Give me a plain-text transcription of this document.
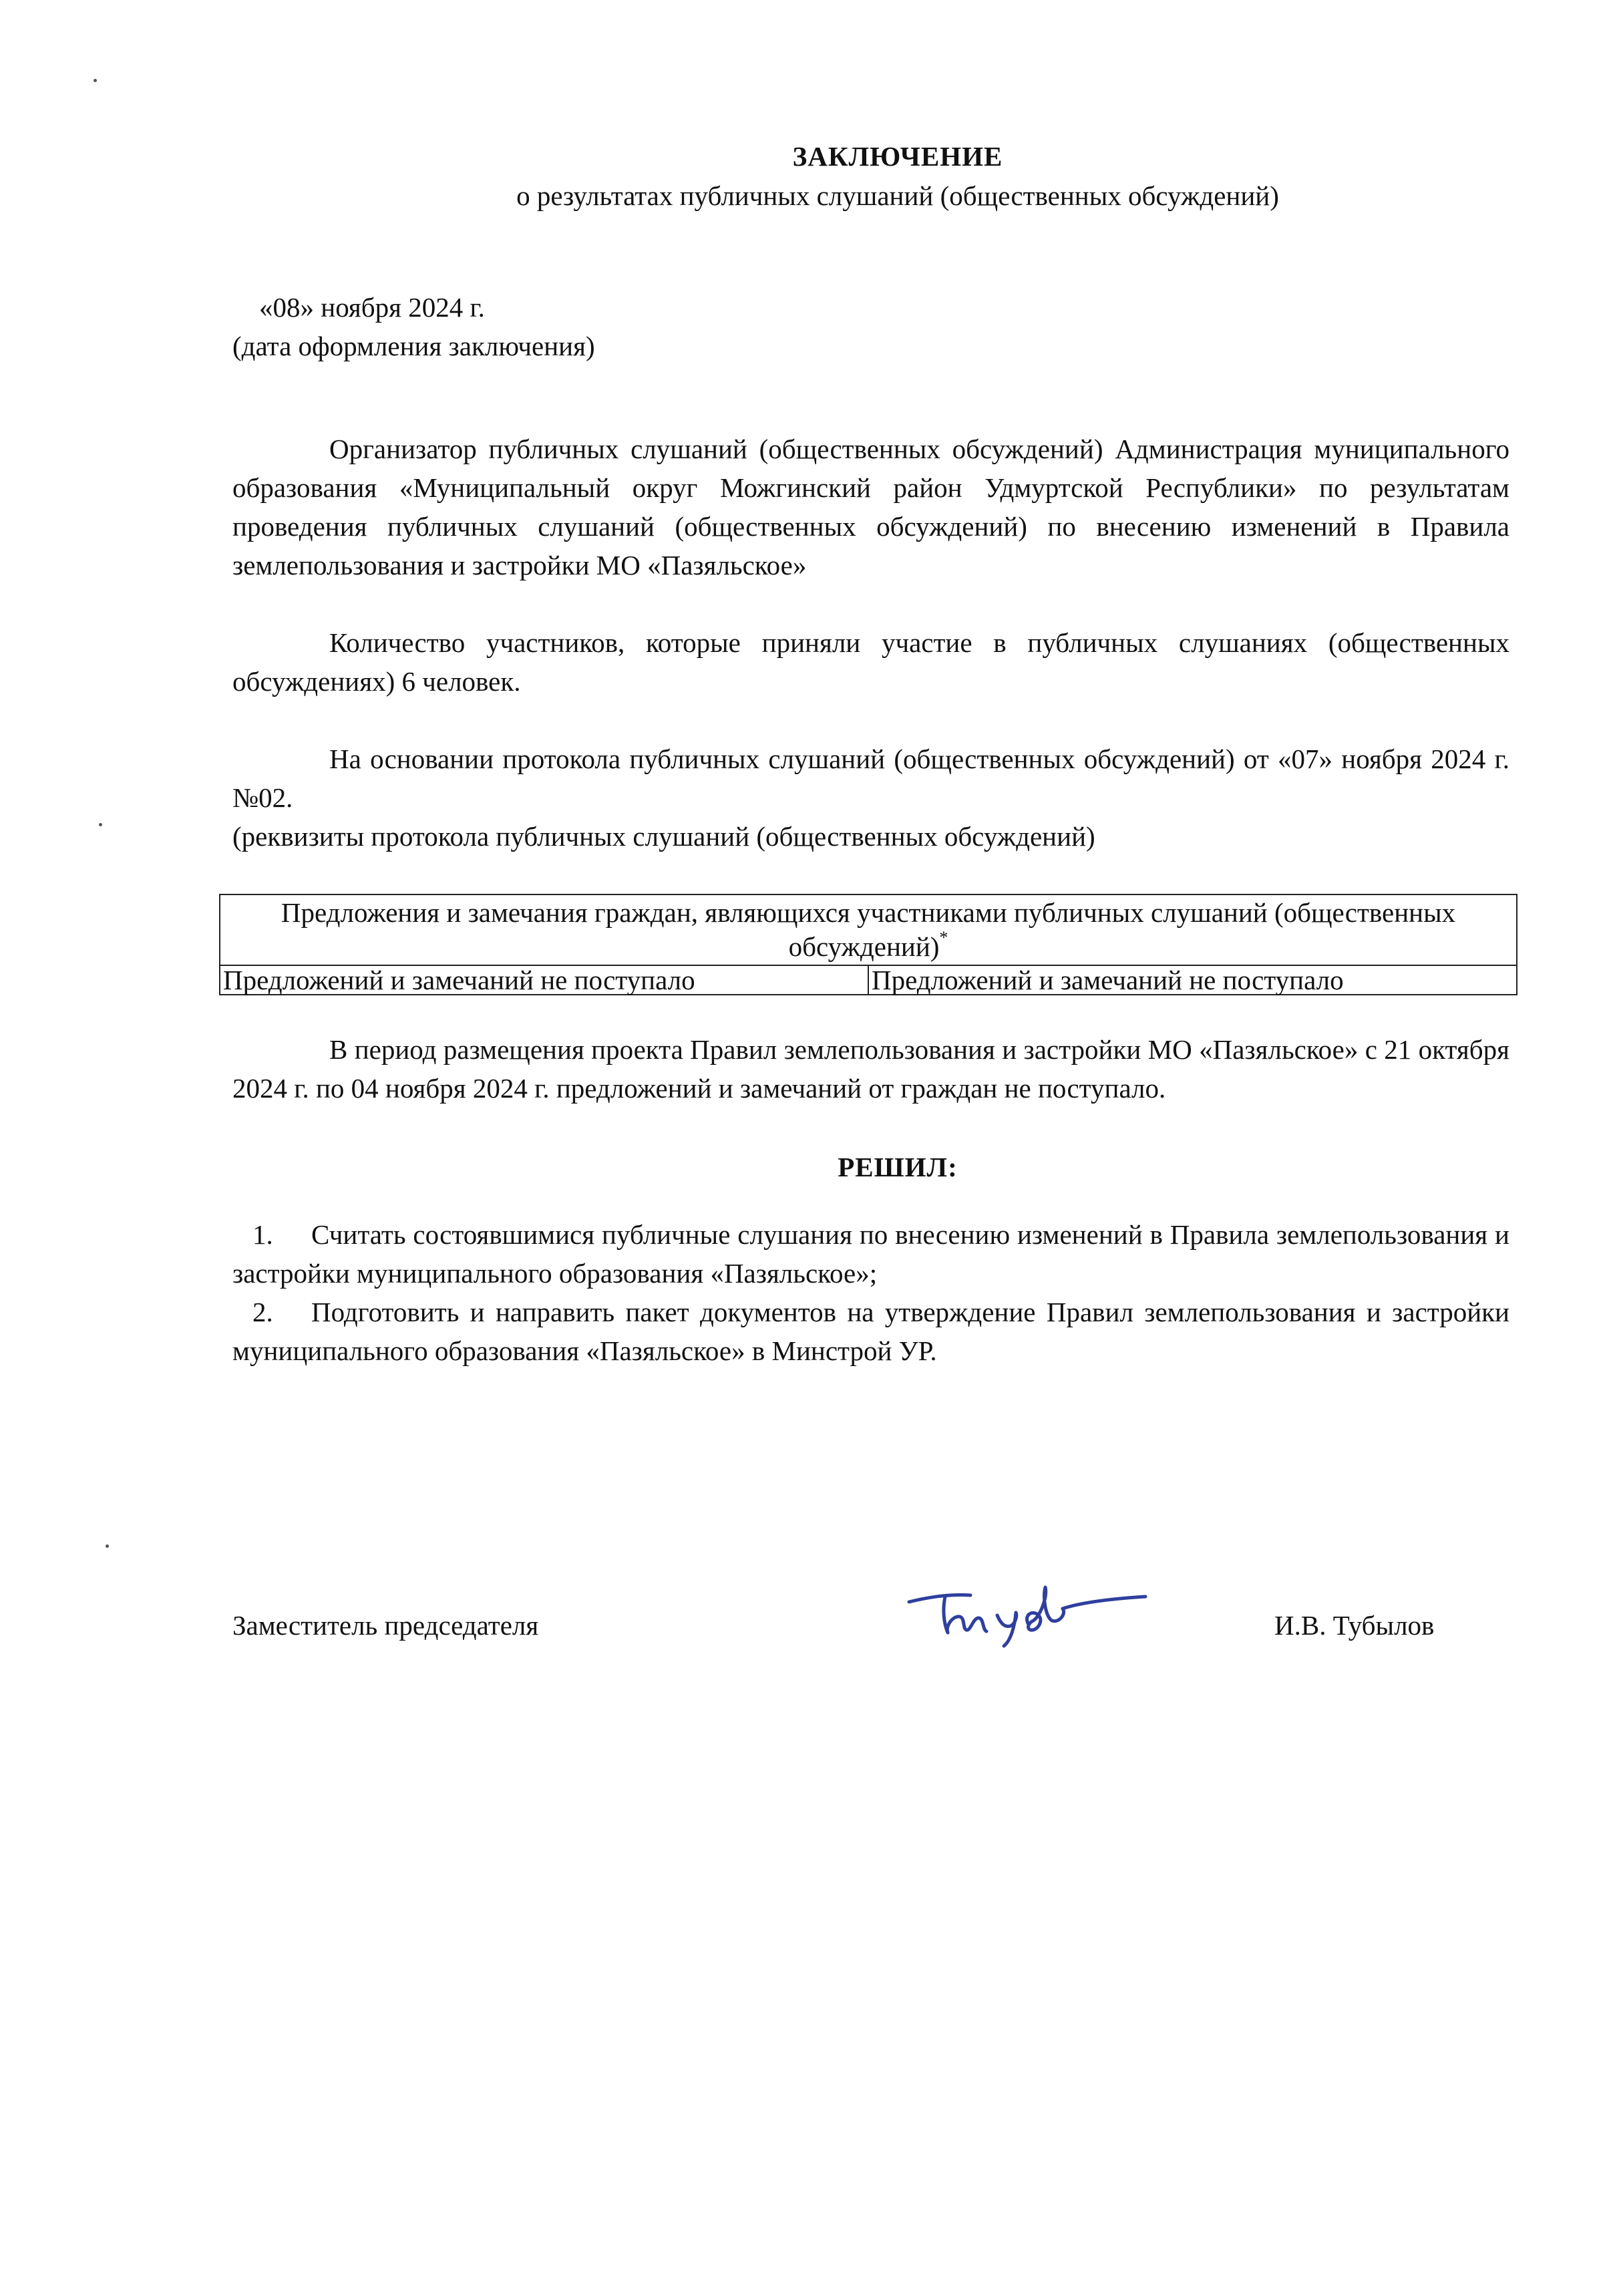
ЗАКЛЮЧЕНИЕ

о результатах публичных слушаний (общественных обсуждений)

«08» ноября 2024 г.
(дата оформления заключения)

Организатор публичных слушаний (общественных обсуждений) Администрация муниципального образования «Муниципальный округ Можгинский район Удмуртской Республики» по результатам проведения публичных слушаний (общественных обсуждений) по внесению изменений в Правила землепользования и застройки МО «Пазяльское»

Количество участников, которые приняли участие в публичных слушаниях (общественных обсуждениях) 6 человек.

На основании протокола публичных слушаний (общественных обсуждений) от «07» ноября 2024 г. №02.

(реквизиты протокола публичных слушаний (общественных обсуждений)

Предложения и замечания граждан, являющихся участниками публичных слушаний (общественных обсуждений)*
Предложений и замечаний не поступало	Предложений и замечаний не поступало

В период размещения проекта Правил землепользования и застройки МО «Пазяльское» с 21 октября 2024 г. по 04 ноября 2024 г. предложений и замечаний от граждан не поступало.

РЕШИЛ:

1. Считать состоявшимися публичные слушания по внесению изменений в Правила землепользования и застройки муниципального образования «Пазяльское»;

2. Подготовить и направить пакет документов на утверждение Правил землепользования и застройки муниципального образования «Пазяльское» в Минстрой УР.

Заместитель председателя	И.В. Тубылов
